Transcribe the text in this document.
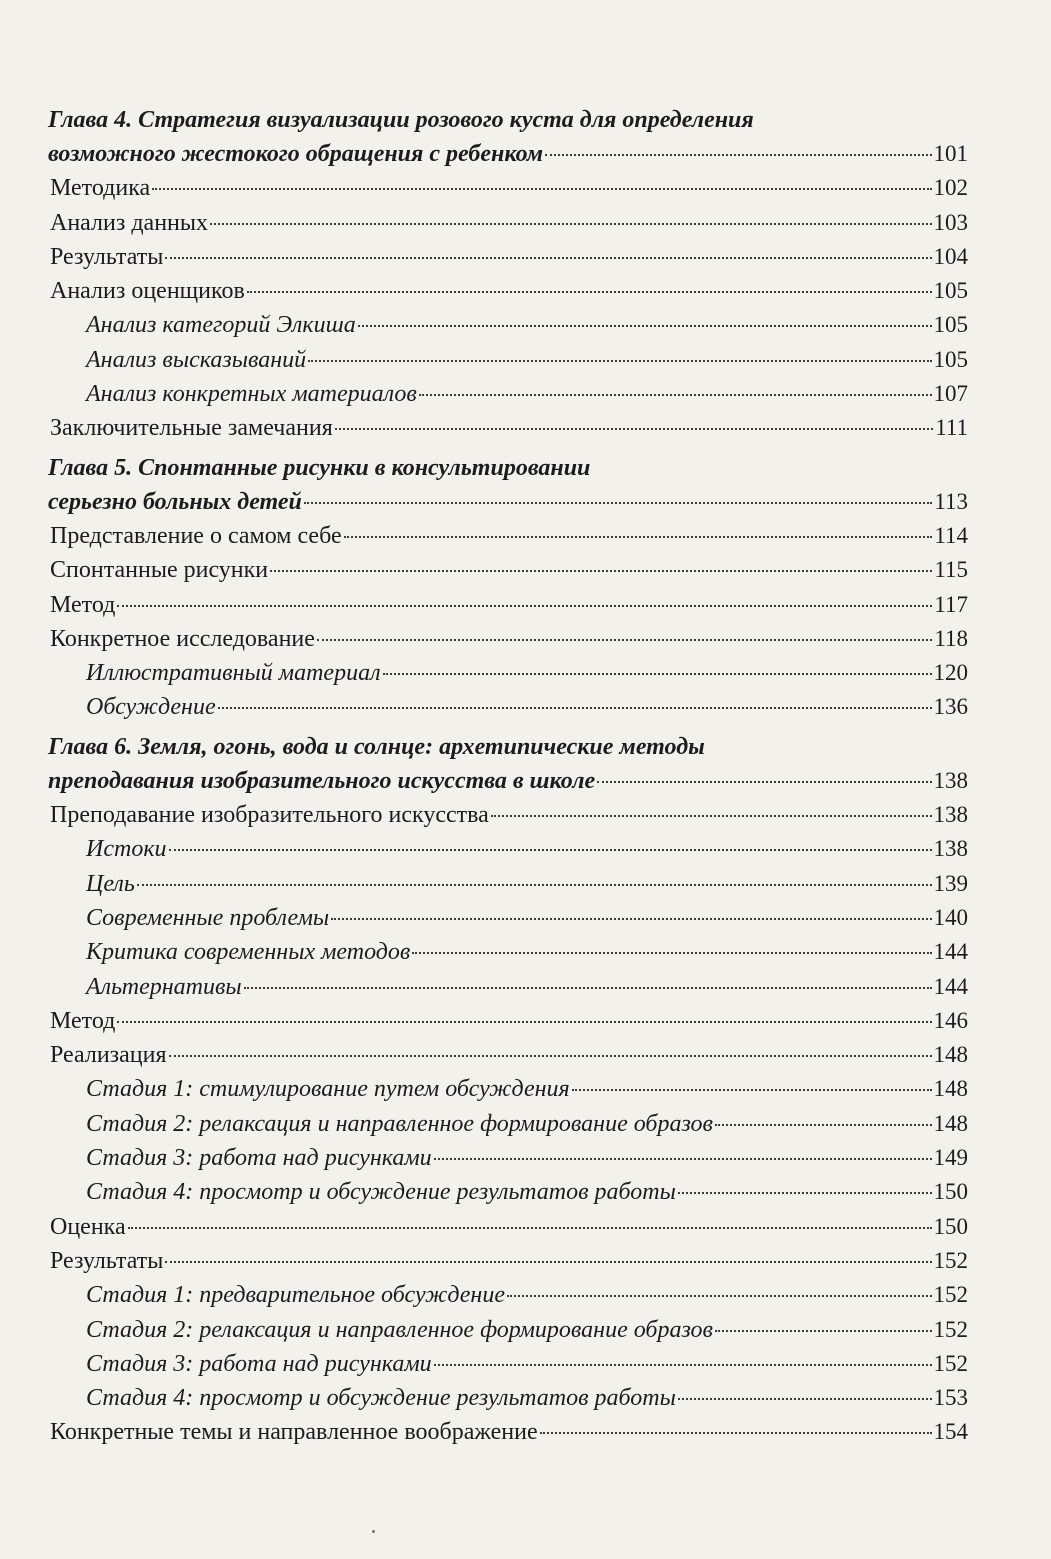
Глава 4. Стратегия визуализации розового куста для определения
возможного жестокого обращения с ребенком	101
Методика	102
Анализ данных	103
Результаты	104
Анализ оценщиков	105
Анализ категорий Элкиша	105
Анализ высказываний	105
Анализ конкретных материалов	107
Заключительные замечания	111
Глава 5. Спонтанные рисунки в консультировании
серьезно больных детей	113
Представление о самом себе	114
Спонтанные рисунки	115
Метод	117
Конкретное исследование	118
Иллюстративный материал	120
Обсуждение	136
Глава 6. Земля, огонь, вода и солнце: архетипические методы
преподавания изобразительного искусства в школе	138
Преподавание изобразительного искусства	138
Истоки	138
Цель	139
Современные проблемы	140
Критика современных методов	144
Альтернативы	144
Метод	146
Реализация	148
Стадия 1: стимулирование путем обсуждения	148
Стадия 2: релаксация и направленное формирование образов	148
Стадия 3: работа над рисунками	149
Стадия 4: просмотр и обсуждение результатов работы	150
Оценка	150
Результаты	152
Стадия 1: предварительное обсуждение	152
Стадия 2: релаксация и направленное формирование образов	152
Стадия 3: работа над рисунками	152
Стадия 4: просмотр и обсуждение результатов работы	153
Конкретные темы и направленное воображение	154
